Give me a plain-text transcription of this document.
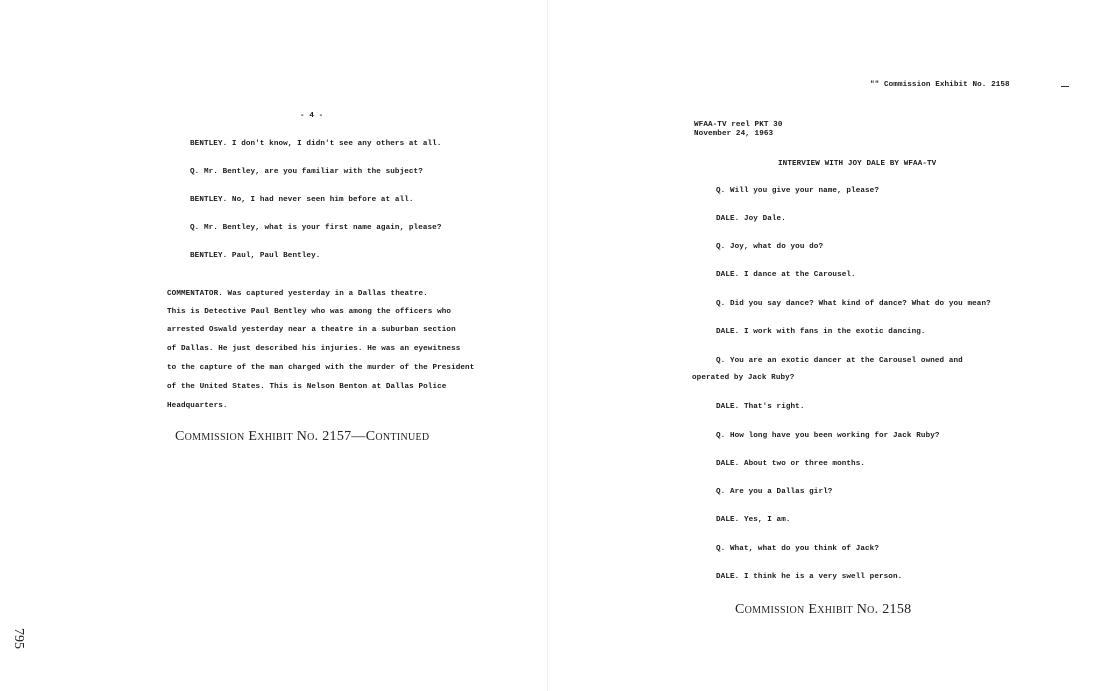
- 4 -
BENTLEY. I don't know, I didn't see any others at all.
Q. Mr. Bentley, are you familiar with the subject?
BENTLEY. No, I had never seen him before at all.
Q. Mr. Bentley, what is your first name again, please?
BENTLEY. Paul, Paul Bentley.
COMMENTATOR. Was captured yesterday in a Dallas theatre.
This is Detective Paul Bentley who was among the officers who
arrested Oswald yesterday near a theatre in a suburban section
of Dallas. He just described his injuries. He was an eyewitness
to the capture of the man charged with the murder of the President
of the United States. This is Nelson Benton at Dallas Police
Headquarters.
Commission Exhibit No. 2157—Continued
795
"" Commission Exhibit No. 2158
WFAA-TV reel PKT 30
November 24, 1963
INTERVIEW WITH JOY DALE BY WFAA-TV
Q. Will you give your name, please?
DALE. Joy Dale.
Q. Joy, what do you do?
DALE. I dance at the Carousel.
Q. Did you say dance? What kind of dance? What do you mean?
DALE. I work with fans in the exotic dancing.
Q. You are an exotic dancer at the Carousel owned and
operated by Jack Ruby?
DALE. That's right.
Q. How long have you been working for Jack Ruby?
DALE. About two or three months.
Q. Are you a Dallas girl?
DALE. Yes, I am.
Q. What, what do you think of Jack?
DALE. I think he is a very swell person.
Commission Exhibit No. 2158
